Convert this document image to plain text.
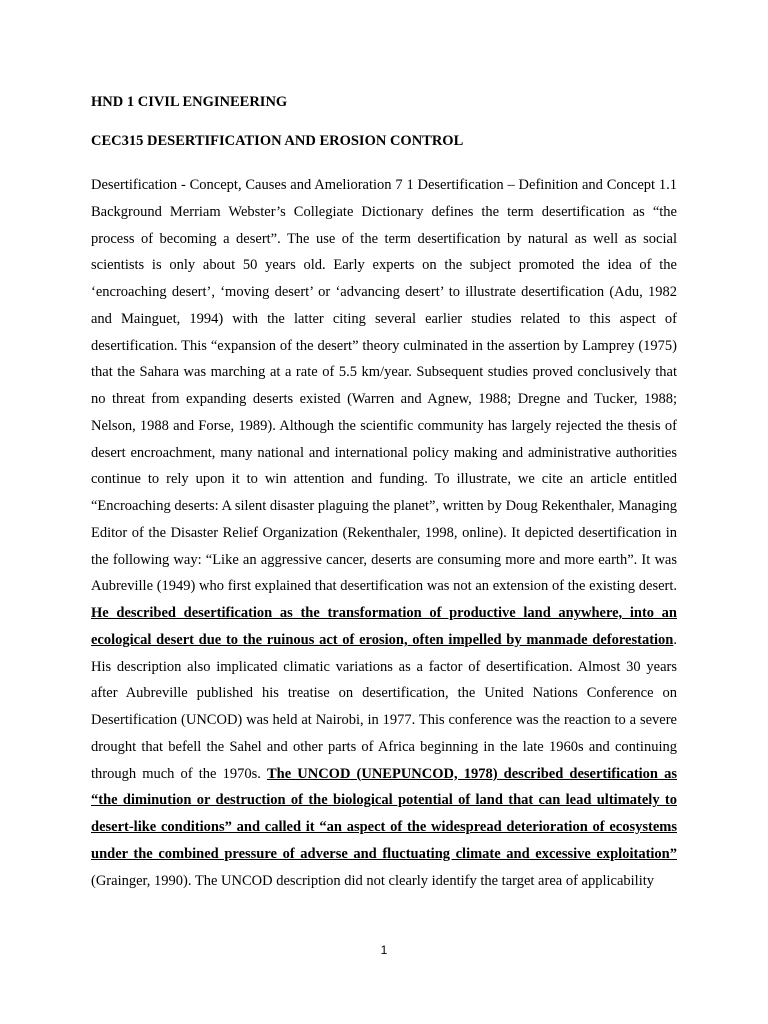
HND 1 CIVIL ENGINEERING
CEC315 DESERTIFICATION AND EROSION CONTROL
Desertification - Concept, Causes and Amelioration 7 1 Desertification – Definition and Concept 1.1 Background Merriam Webster’s Collegiate Dictionary defines the term desertification as “the process of becoming a desert”. The use of the term desertification by natural as well as social scientists is only about 50 years old. Early experts on the subject promoted the idea of the ‘encroaching desert’, ‘moving desert’ or ‘advancing desert’ to illustrate desertification (Adu, 1982 and Mainguet, 1994) with the latter citing several earlier studies related to this aspect of desertification. This “expansion of the desert” theory culminated in the assertion by Lamprey (1975) that the Sahara was marching at a rate of 5.5 km/year. Subsequent studies proved conclusively that no threat from expanding deserts existed (Warren and Agnew, 1988; Dregne and Tucker, 1988; Nelson, 1988 and Forse, 1989). Although the scientific community has largely rejected the thesis of desert encroachment, many national and international policy making and administrative authorities continue to rely upon it to win attention and funding. To illustrate, we cite an article entitled “Encroaching deserts: A silent disaster plaguing the planet”, written by Doug Rekenthaler, Managing Editor of the Disaster Relief Organization (Rekenthaler, 1998, online). It depicted desertification in the following way: “Like an aggressive cancer, deserts are consuming more and more earth”. It was Aubreville (1949) who first explained that desertification was not an extension of the existing desert. He described desertification as the transformation of productive land anywhere, into an ecological desert due to the ruinous act of erosion, often impelled by manmade deforestation. His description also implicated climatic variations as a factor of desertification. Almost 30 years after Aubreville published his treatise on desertification, the United Nations Conference on Desertification (UNCOD) was held at Nairobi, in 1977. This conference was the reaction to a severe drought that befell the Sahel and other parts of Africa beginning in the late 1960s and continuing through much of the 1970s. The UNCOD (UNEPUNCOD, 1978) described desertification as “the diminution or destruction of the biological potential of land that can lead ultimately to desert-like conditions” and called it “an aspect of the widespread deterioration of ecosystems under the combined pressure of adverse and fluctuating climate and excessive exploitation” (Grainger, 1990). The UNCOD description did not clearly identify the target area of applicability
1
